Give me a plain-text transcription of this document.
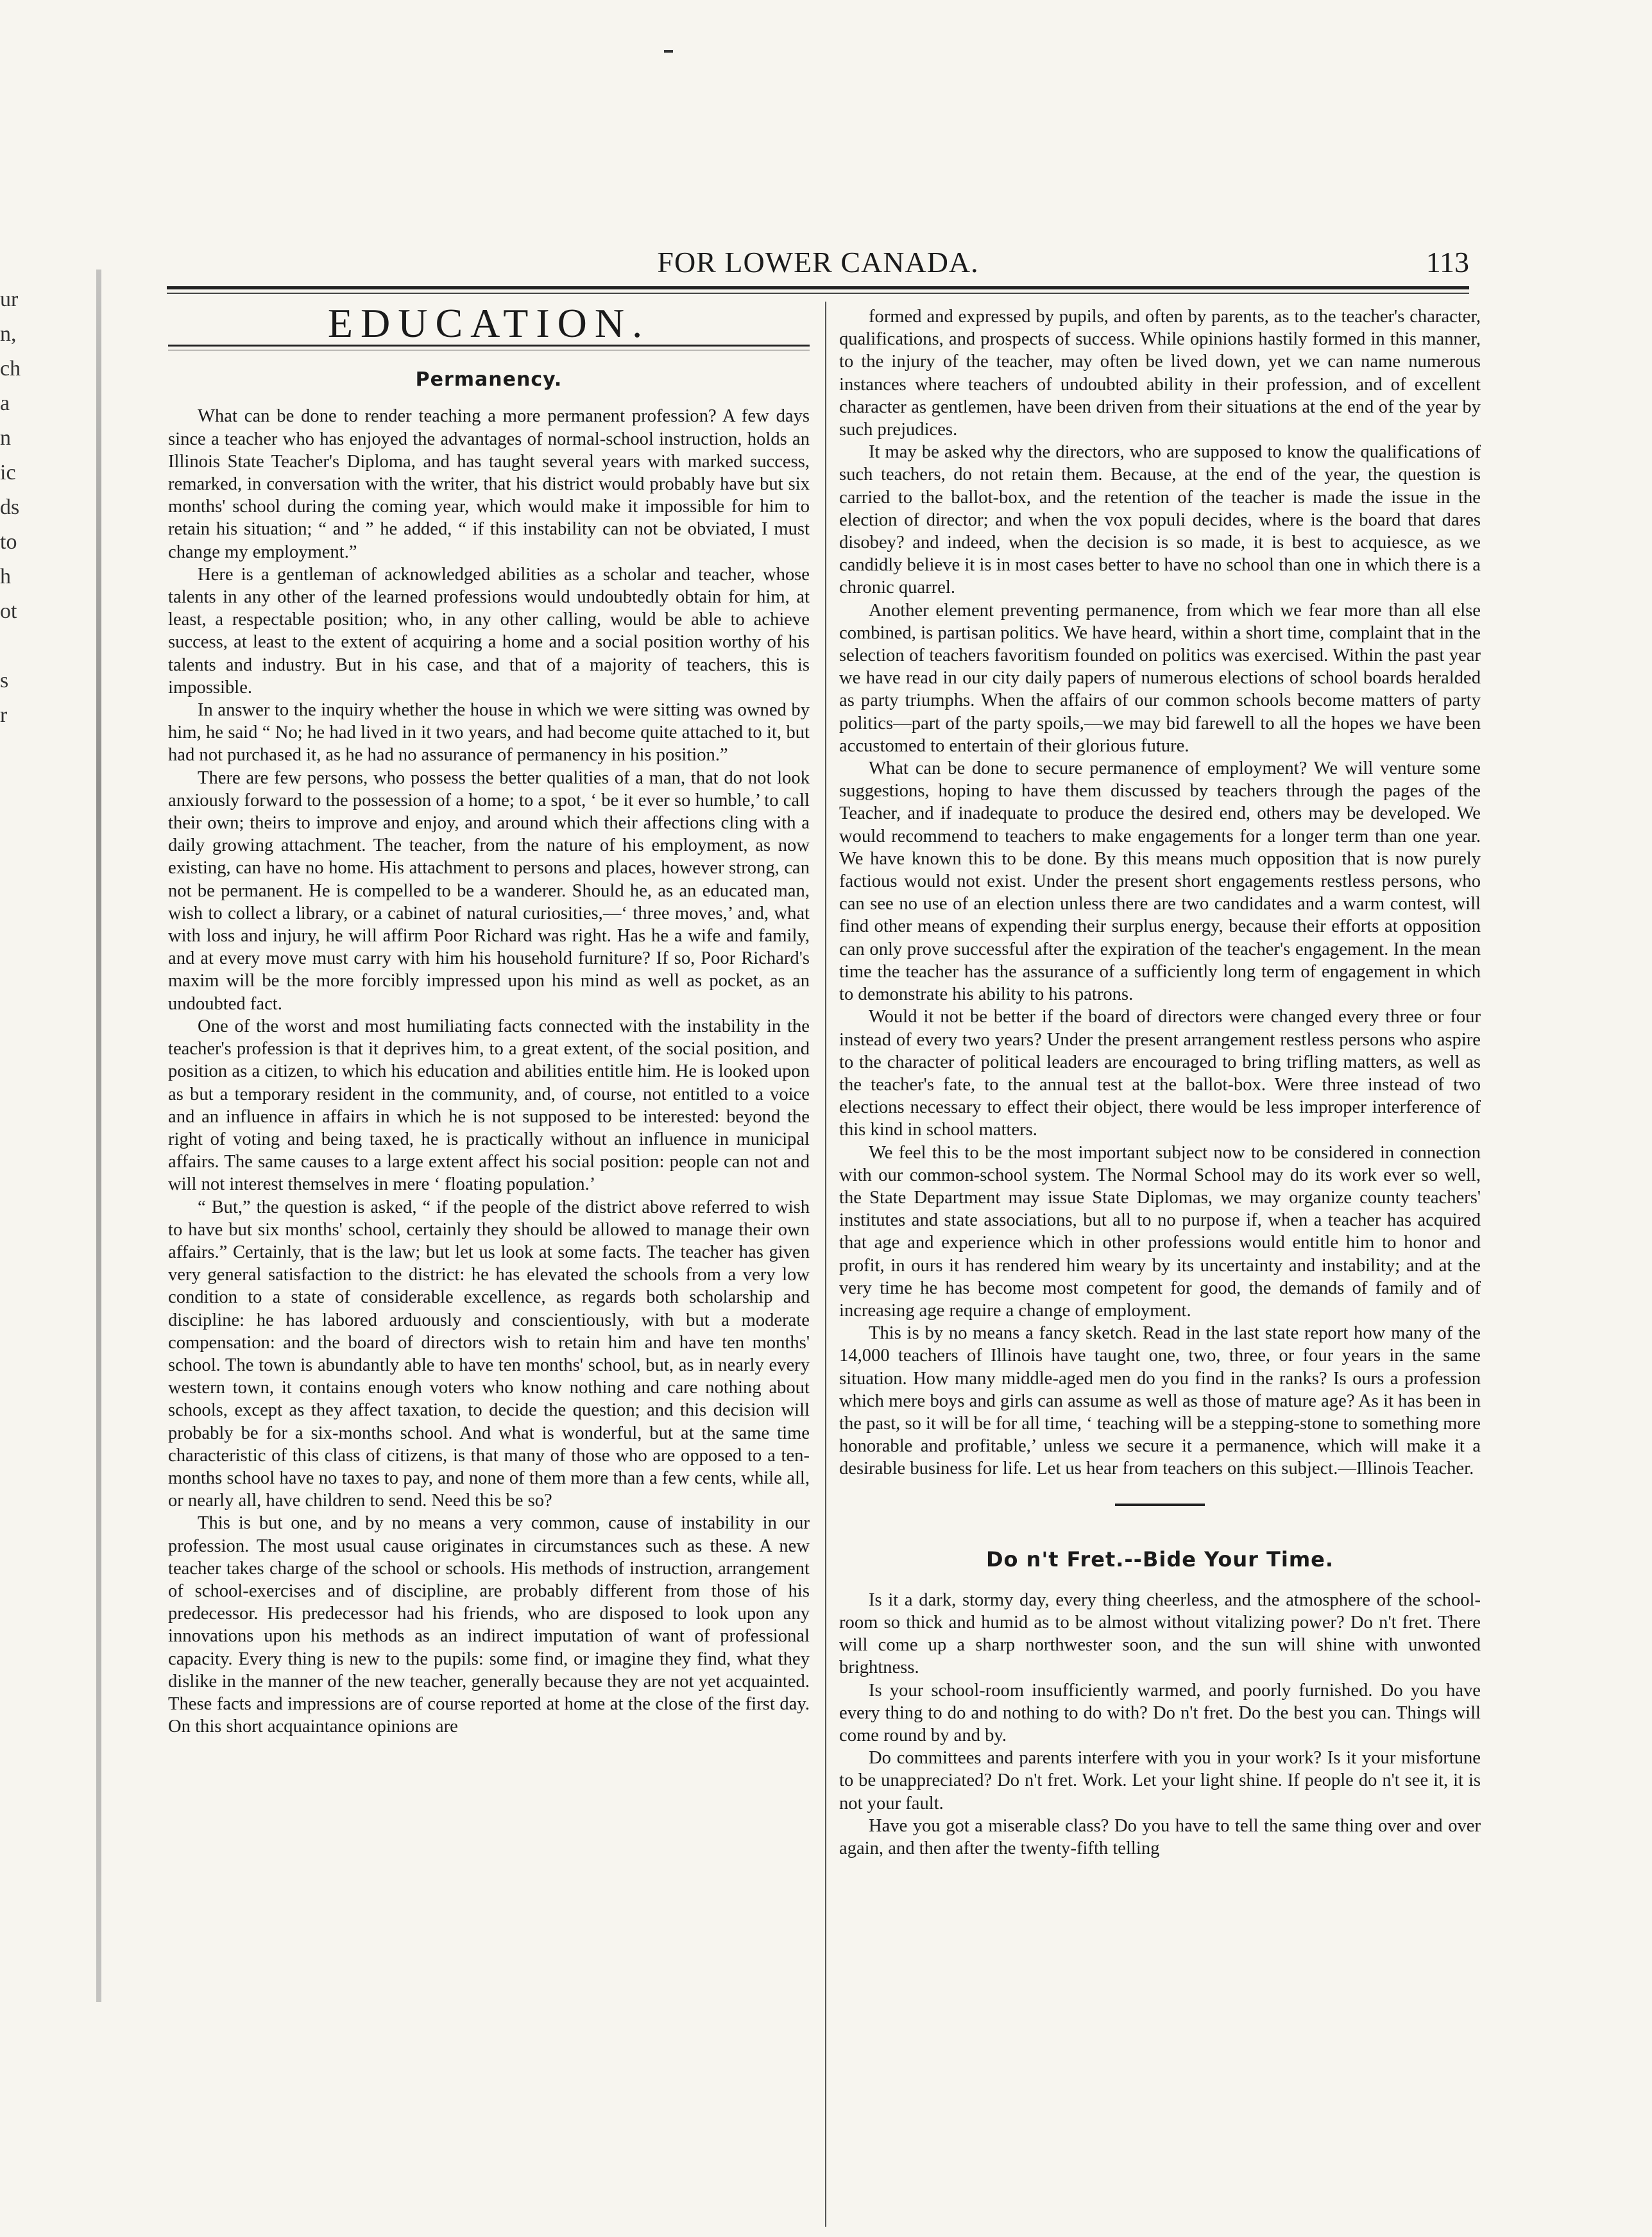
ur
n,
ch
a
n
ic
ds
to
h
ot

s
r
FOR LOWER CANADA.	113
EDUCATION.
Permanency.

What can be done to render teaching a more permanent profession? A few days since a teacher who has enjoyed the advantages of normal-school instruction, holds an Illinois State Teacher's Diploma, and has taught several years with marked success, remarked, in conversation with the writer, that his district would probably have but six months' school during the coming year, which would make it impossible for him to retain his situation; “ and ” he added, “ if this instability can not be obviated, I must change my employment.”

Here is a gentleman of acknowledged abilities as a scholar and teacher, whose talents in any other of the learned professions would undoubtedly obtain for him, at least, a respectable position; who, in any other calling, would be able to achieve success, at least to the extent of acquiring a home and a social position worthy of his talents and industry. But in his case, and that of a majority of teachers, this is impossible.

In answer to the inquiry whether the house in which we were sitting was owned by him, he said “ No; he had lived in it two years, and had become quite attached to it, but had not purchased it, as he had no assurance of permanency in his position.”

There are few persons, who possess the better qualities of a man, that do not look anxiously forward to the possession of a home; to a spot, ‘ be it ever so humble,’ to call their own; theirs to improve and enjoy, and around which their affections cling with a daily growing attachment. The teacher, from the nature of his employment, as now existing, can have no home. His attachment to persons and places, however strong, can not be permanent. He is compelled to be a wanderer. Should he, as an educated man, wish to collect a library, or a cabinet of natural curiosities,—‘ three moves,’ and, what with loss and injury, he will affirm Poor Richard was right. Has he a wife and family, and at every move must carry with him his household furniture? If so, Poor Richard's maxim will be the more forcibly impressed upon his mind as well as pocket, as an undoubted fact.

One of the worst and most humiliating facts connected with the instability in the teacher's profession is that it deprives him, to a great extent, of the social position, and position as a citizen, to which his education and abilities entitle him. He is looked upon as but a temporary resident in the community, and, of course, not entitled to a voice and an influence in affairs in which he is not supposed to be interested: beyond the right of voting and being taxed, he is practically without an influence in municipal affairs. The same causes to a large extent affect his social position: people can not and will not interest themselves in mere ‘ floating population.’

“ But,” the question is asked, “ if the people of the district above referred to wish to have but six months' school, certainly they should be allowed to manage their own affairs.” Certainly, that is the law; but let us look at some facts. The teacher has given very general satisfaction to the district: he has elevated the schools from a very low condition to a state of considerable excellence, as regards both scholarship and discipline: he has labored arduously and conscientiously, with but a moderate compensation: and the board of directors wish to retain him and have ten months' school. The town is abundantly able to have ten months' school, but, as in nearly every western town, it contains enough voters who know nothing and care nothing about schools, except as they affect taxation, to decide the question; and this decision will probably be for a six-months school. And what is wonderful, but at the same time characteristic of this class of citizens, is that many of those who are opposed to a ten-months school have no taxes to pay, and none of them more than a few cents, while all, or nearly all, have children to send. Need this be so?

This is but one, and by no means a very common, cause of instability in our profession. The most usual cause originates in circumstances such as these. A new teacher takes charge of the school or schools. His methods of instruction, arrangement of school-exercises and of discipline, are probably different from those of his predecessor. His predecessor had his friends, who are disposed to look upon any innovations upon his methods as an indirect imputation of want of professional capacity. Every thing is new to the pupils: some find, or imagine they find, what they dislike in the manner of the new teacher, generally because they are not yet acquainted. These facts and impressions are of course reported at home at the close of the first day. On this short acquaintance opinions are

formed and expressed by pupils, and often by parents, as to the teacher's character, qualifications, and prospects of success. While opinions hastily formed in this manner, to the injury of the teacher, may often be lived down, yet we can name numerous instances where teachers of undoubted ability in their profession, and of excellent character as gentlemen, have been driven from their situations at the end of the year by such prejudices.

It may be asked why the directors, who are supposed to know the qualifications of such teachers, do not retain them. Because, at the end of the year, the question is carried to the ballot-box, and the retention of the teacher is made the issue in the election of director; and when the vox populi decides, where is the board that dares disobey? and indeed, when the decision is so made, it is best to acquiesce, as we candidly believe it is in most cases better to have no school than one in which there is a chronic quarrel.

Another element preventing permanence, from which we fear more than all else combined, is partisan politics. We have heard, within a short time, complaint that in the selection of teachers favoritism founded on politics was exercised. Within the past year we have read in our city daily papers of numerous elections of school boards heralded as party triumphs. When the affairs of our common schools become matters of party politics—part of the party spoils,—we may bid farewell to all the hopes we have been accustomed to entertain of their glorious future.

What can be done to secure permanence of employment? We will venture some suggestions, hoping to have them discussed by teachers through the pages of the Teacher, and if inadequate to produce the desired end, others may be developed. We would recommend to teachers to make engagements for a longer term than one year. We have known this to be done. By this means much opposition that is now purely factious would not exist. Under the present short engagements restless persons, who can see no use of an election unless there are two candidates and a warm contest, will find other means of expending their surplus energy, because their efforts at opposition can only prove successful after the expiration of the teacher's engagement. In the mean time the teacher has the assurance of a sufficiently long term of engagement in which to demonstrate his ability to his patrons.

Would it not be better if the board of directors were changed every three or four instead of every two years? Under the present arrangement restless persons who aspire to the character of political leaders are encouraged to bring trifling matters, as well as the teacher's fate, to the annual test at the ballot-box. Were three instead of two elections necessary to effect their object, there would be less improper interference of this kind in school matters.

We feel this to be the most important subject now to be considered in connection with our common-school system. The Normal School may do its work ever so well, the State Department may issue State Diplomas, we may organize county teachers' institutes and state associations, but all to no purpose if, when a teacher has acquired that age and experience which in other professions would entitle him to honor and profit, in ours it has rendered him weary by its uncertainty and instability; and at the very time he has become most competent for good, the demands of family and of increasing age require a change of employment.

This is by no means a fancy sketch. Read in the last state report how many of the 14,000 teachers of Illinois have taught one, two, three, or four years in the same situation. How many middle-aged men do you find in the ranks? Is ours a profession which mere boys and girls can assume as well as those of mature age? As it has been in the past, so it will be for all time, ‘ teaching will be a stepping-stone to something more honorable and profitable,’ unless we secure it a permanence, which will make it a desirable business for life. Let us hear from teachers on this subject.—Illinois Teacher.

Do n't Fret.--Bide Your Time.

Is it a dark, stormy day, every thing cheerless, and the atmosphere of the school-room so thick and humid as to be almost without vitalizing power? Do n't fret. There will come up a sharp northwester soon, and the sun will shine with unwonted brightness.

Is your school-room insufficiently warmed, and poorly furnished. Do you have every thing to do and nothing to do with? Do n't fret. Do the best you can. Things will come round by and by.

Do committees and parents interfere with you in your work? Is it your misfortune to be unappreciated? Do n't fret. Work. Let your light shine. If people do n't see it, it is not your fault.

Have you got a miserable class? Do you have to tell the same thing over and over again, and then after the twenty-fifth telling
